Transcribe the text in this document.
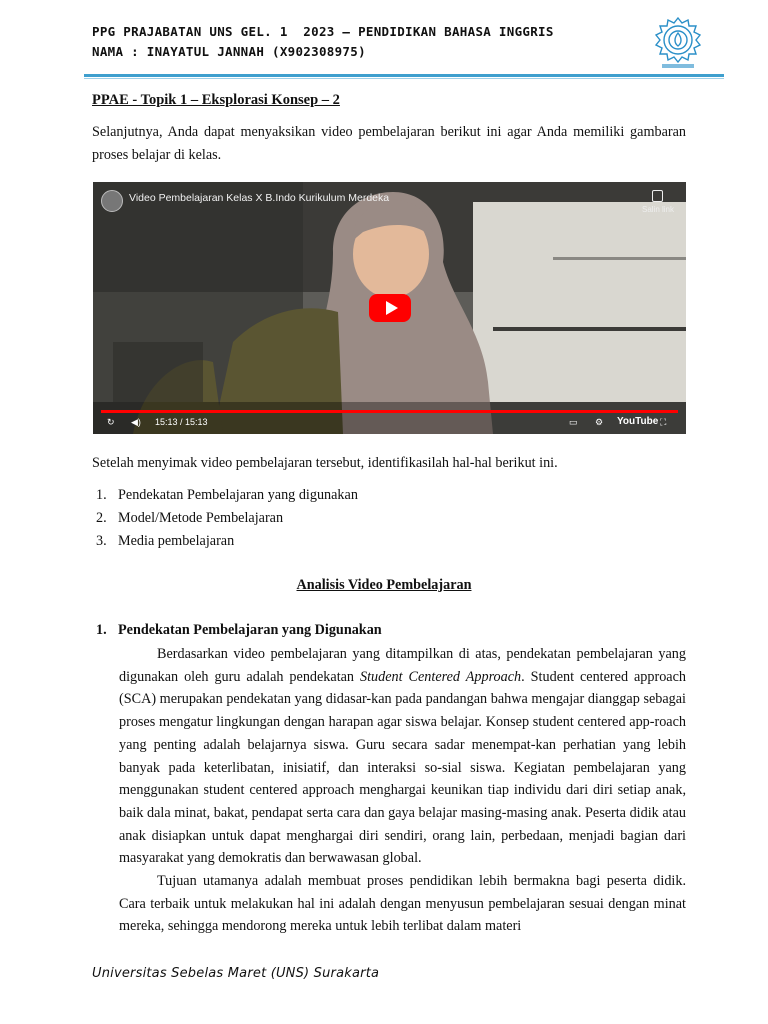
PPG PRAJABATAN UNS GEL. 1  2023 – PENDIDIKAN BAHASA INGGRIS
NAMA : INAYATUL JANNAH (X902308975)
PPAE - Topik 1 – Eksplorasi Konsep – 2
Selanjutnya, Anda dapat menyaksikan video pembelajaran berikut ini agar Anda memiliki gambaran proses belajar di kelas.
Video Pembelajaran Kelas X B.Indo Kurikulum Merdeka
Salin link
↻ ◀) 15:13 / 15:13	▭ ⚙ YouTube ⛶
Setelah menyimak video pembelajaran tersebut, identifikasilah hal-hal berikut ini.
1. Pendekatan Pembelajaran yang digunakan
2. Model/Metode Pembelajaran
3. Media pembelajaran
Analisis Video Pembelajaran
1. Pendekatan Pembelajaran yang Digunakan

Berdasarkan video pembelajaran yang ditampilkan di atas, pendekatan pembelajaran yang digunakan oleh guru adalah pendekatan Student Centered Approach. Student centered approach (SCA) merupakan pendekatan yang didasar-kan pada pandangan bahwa mengajar dianggap sebagai proses mengatur lingkungan dengan harapan agar siswa belajar. Konsep student centered app-roach yang penting adalah belajarnya siswa. Guru secara sadar menempat-kan perhatian yang lebih banyak pada keterlibatan, inisiatif, dan interaksi so-sial siswa. Kegiatan pembelajaran yang menggunakan student centered approach menghargai keunikan tiap individu dari diri setiap anak, baik dala minat, bakat, pendapat serta cara dan gaya belajar masing-masing anak. Peserta didik atau anak disiapkan untuk dapat menghargai diri sendiri, orang lain, perbedaan, menjadi bagian dari masyarakat yang demokratis dan berwawasan global.

Tujuan utamanya adalah membuat proses pendidikan lebih bermakna bagi peserta didik. Cara terbaik untuk melakukan hal ini adalah dengan menyusun pembelajaran sesuai dengan minat mereka, sehingga mendorong mereka untuk lebih terlibat dalam materi

Universitas Sebelas Maret (UNS) Surakarta
